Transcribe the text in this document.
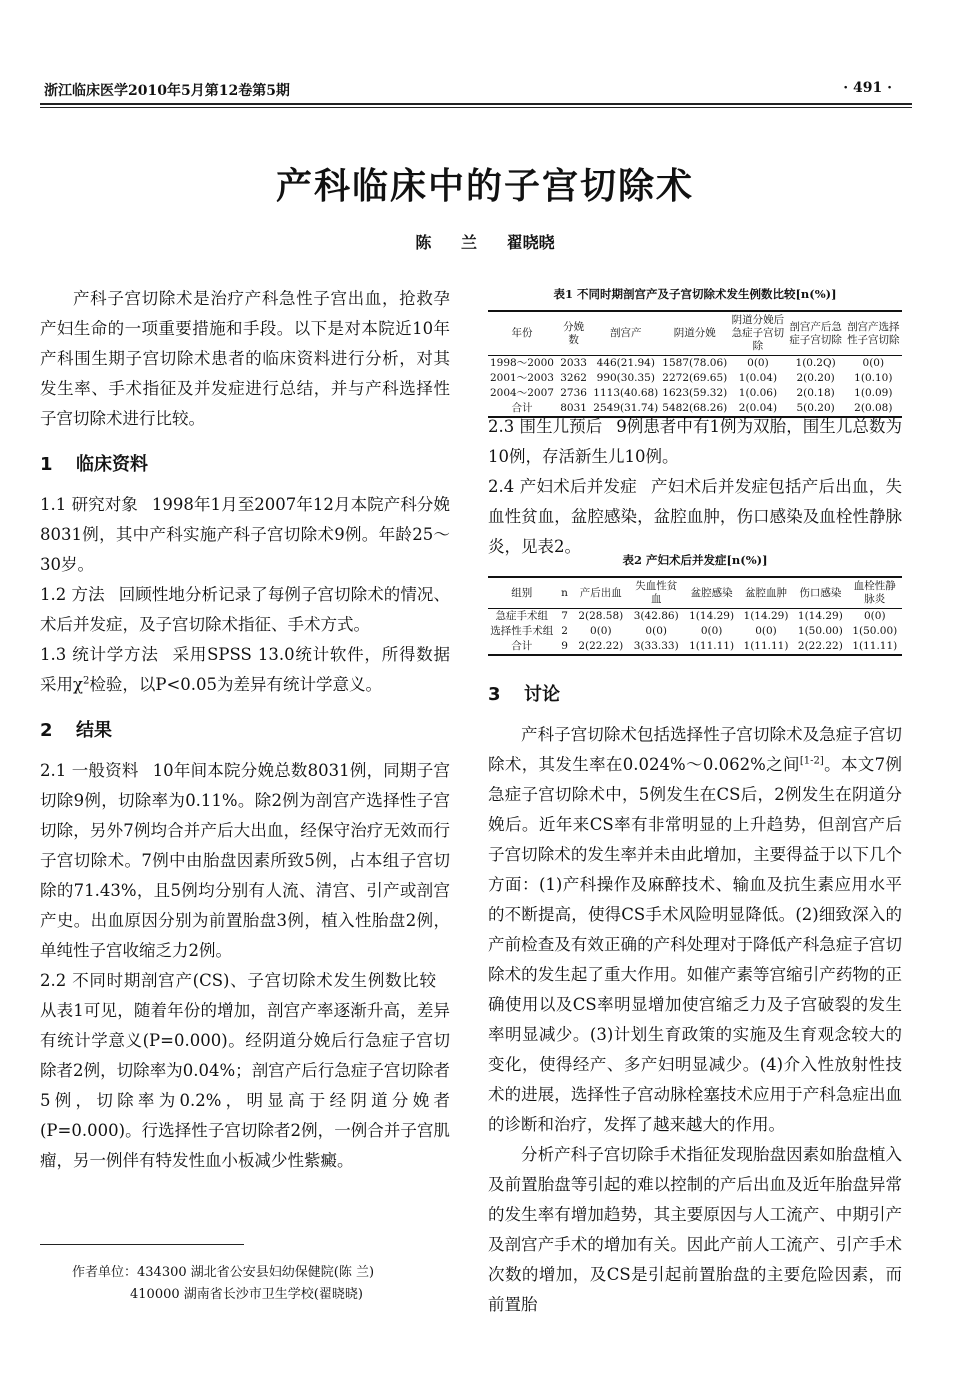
浙江临床医学2010年5月第12卷第5期	· 491 ·
产科临床中的子宫切除术
陈 兰 翟晓晓

产科子宫切除术是治疗产科急性子宫出血，抢救孕产妇生命的一项重要措施和手段。以下是对本院近10年产科围生期子宫切除术患者的临床资料进行分析，对其发生率、手术指征及并发症进行总结，并与产科选择性子宫切除术进行比较。

1 临床资料

1.1 研究对象 1998年1月至2007年12月本院产科分娩8031例，其中产科实施产科子宫切除术9例。年龄25～30岁。

1.2 方法 回顾性地分析记录了每例子宫切除术的情况、术后并发症，及子宫切除术指征、手术方式。

1.3 统计学方法 采用SPSS 13.0统计软件，所得数据采用$\chi^2$检验，以P<0.05为差异有统计学意义。

2 结果

2.1 一般资料 10年间本院分娩总数8031例，同期子宫切除9例，切除率为0.11%。除2例为剖宫产选择性子宫切除，另外7例均合并产后大出血，经保守治疗无效而行子宫切除术。7例中由胎盘因素所致5例，占本组子宫切除的71.43%，且5例均分别有人流、清宫、引产或剖宫产史。出血原因分别为前置胎盘3例，植入性胎盘2例，单纯性子宫收缩乏力2例。

2.2 不同时期剖宫产(CS)、子宫切除术发生例数比较从表1可见，随着年份的增加，剖宫产率逐渐升高，差异有统计学意义(P=0.000)。经阴道分娩后行急症子宫切除者2例，切除率为0.04%；剖宫产后行急症子宫切除者5例，切除率为0.2%，明显高于经阴道分娩者(P=0.000)。行选择性子宫切除者2例，一例合并子宫肌瘤，另一例伴有特发性血小板减少性紫癜。

表1 不同时期剖宫产及子宫切除术发生例数比较[n(%)]
年份	分娩数	剖宫产	阴道分娩	阴道分娩后急症子宫切除	剖宫产后急症子宫切除	剖宫产选择性子宫切除
1998～2000	2033	446(21.94)	1587(78.06)	0(0)	1(0.2Q)	0(0)
2001～2003	3262	990(30.35)	2272(69.65)	1(0.04)	2(0.20)	1(0.10)
2004～2007	2736	1113(40.68)	1623(59.32)	1(0.06)	2(0.18)	1(0.09)
合计	8031	2549(31.74)	5482(68.26)	2(0.04)	5(0.20)	2(0.08)

2.3 围生儿预后 9例患者中有1例为双胎，围生儿总数为10例，存活新生儿10例。

2.4 产妇术后并发症 产妇术后并发症包括产后出血，失血性贫血，盆腔感染，盆腔血肿，伤口感染及血栓性静脉炎，见表2。

表2 产妇术后并发症[n(%)]
组别	n	产后出血	失血性贫血	盆腔感染	盆腔血肿	伤口感染	血栓性静脉炎
急症手术组	7	2(28.58)	3(42.86)	1(14.29)	1(14.29)	1(14.29)	0(0)
选择性手术组	2	0(0)	0(0)	0(0)	0(0)	1(50.00)	1(50.00)
合计	9	2(22.22)	3(33.33)	1(11.11)	1(11.11)	2(22.22)	1(11.11)
3 讨论

产科子宫切除术包括选择性子宫切除术及急症子宫切除术，其发生率在0.024%～0.062%之间[1-2]。本文7例急症子宫切除术中，5例发生在CS后，2例发生在阴道分娩后。近年来CS率有非常明显的上升趋势，但剖宫产后子宫切除术的发生率并未由此增加，主要得益于以下几个方面：(1)产科操作及麻醉技术、输血及抗生素应用水平的不断提高，使得CS手术风险明显降低。(2)细致深入的产前检查及有效正确的产科处理对于降低产科急症子宫切除术的发生起了重大作用。如催产素等宫缩引产药物的正确使用以及CS率明显增加使宫缩乏力及子宫破裂的发生率明显减少。(3)计划生育政策的实施及生育观念较大的变化，使得经产、多产妇明显减少。(4)介入性放射性技术的进展，选择性子宫动脉栓塞技术应用于产科急症出血的诊断和治疗，发挥了越来越大的作用。

分析产科子宫切除手术指征发现胎盘因素如胎盘植入及前置胎盘等引起的难以控制的产后出血及近年胎盘异常的发生率有增加趋势，其主要原因与人工流产、中期引产及剖宫产手术的增加有关。因此产前人工流产、引产手术次数的增加，及CS是引起前置胎盘的主要危险因素，而前置胎

作者单位：434300 湖北省公安县妇幼保健院(陈 兰)
410000 湖南省长沙市卫生学校(翟晓晓)
